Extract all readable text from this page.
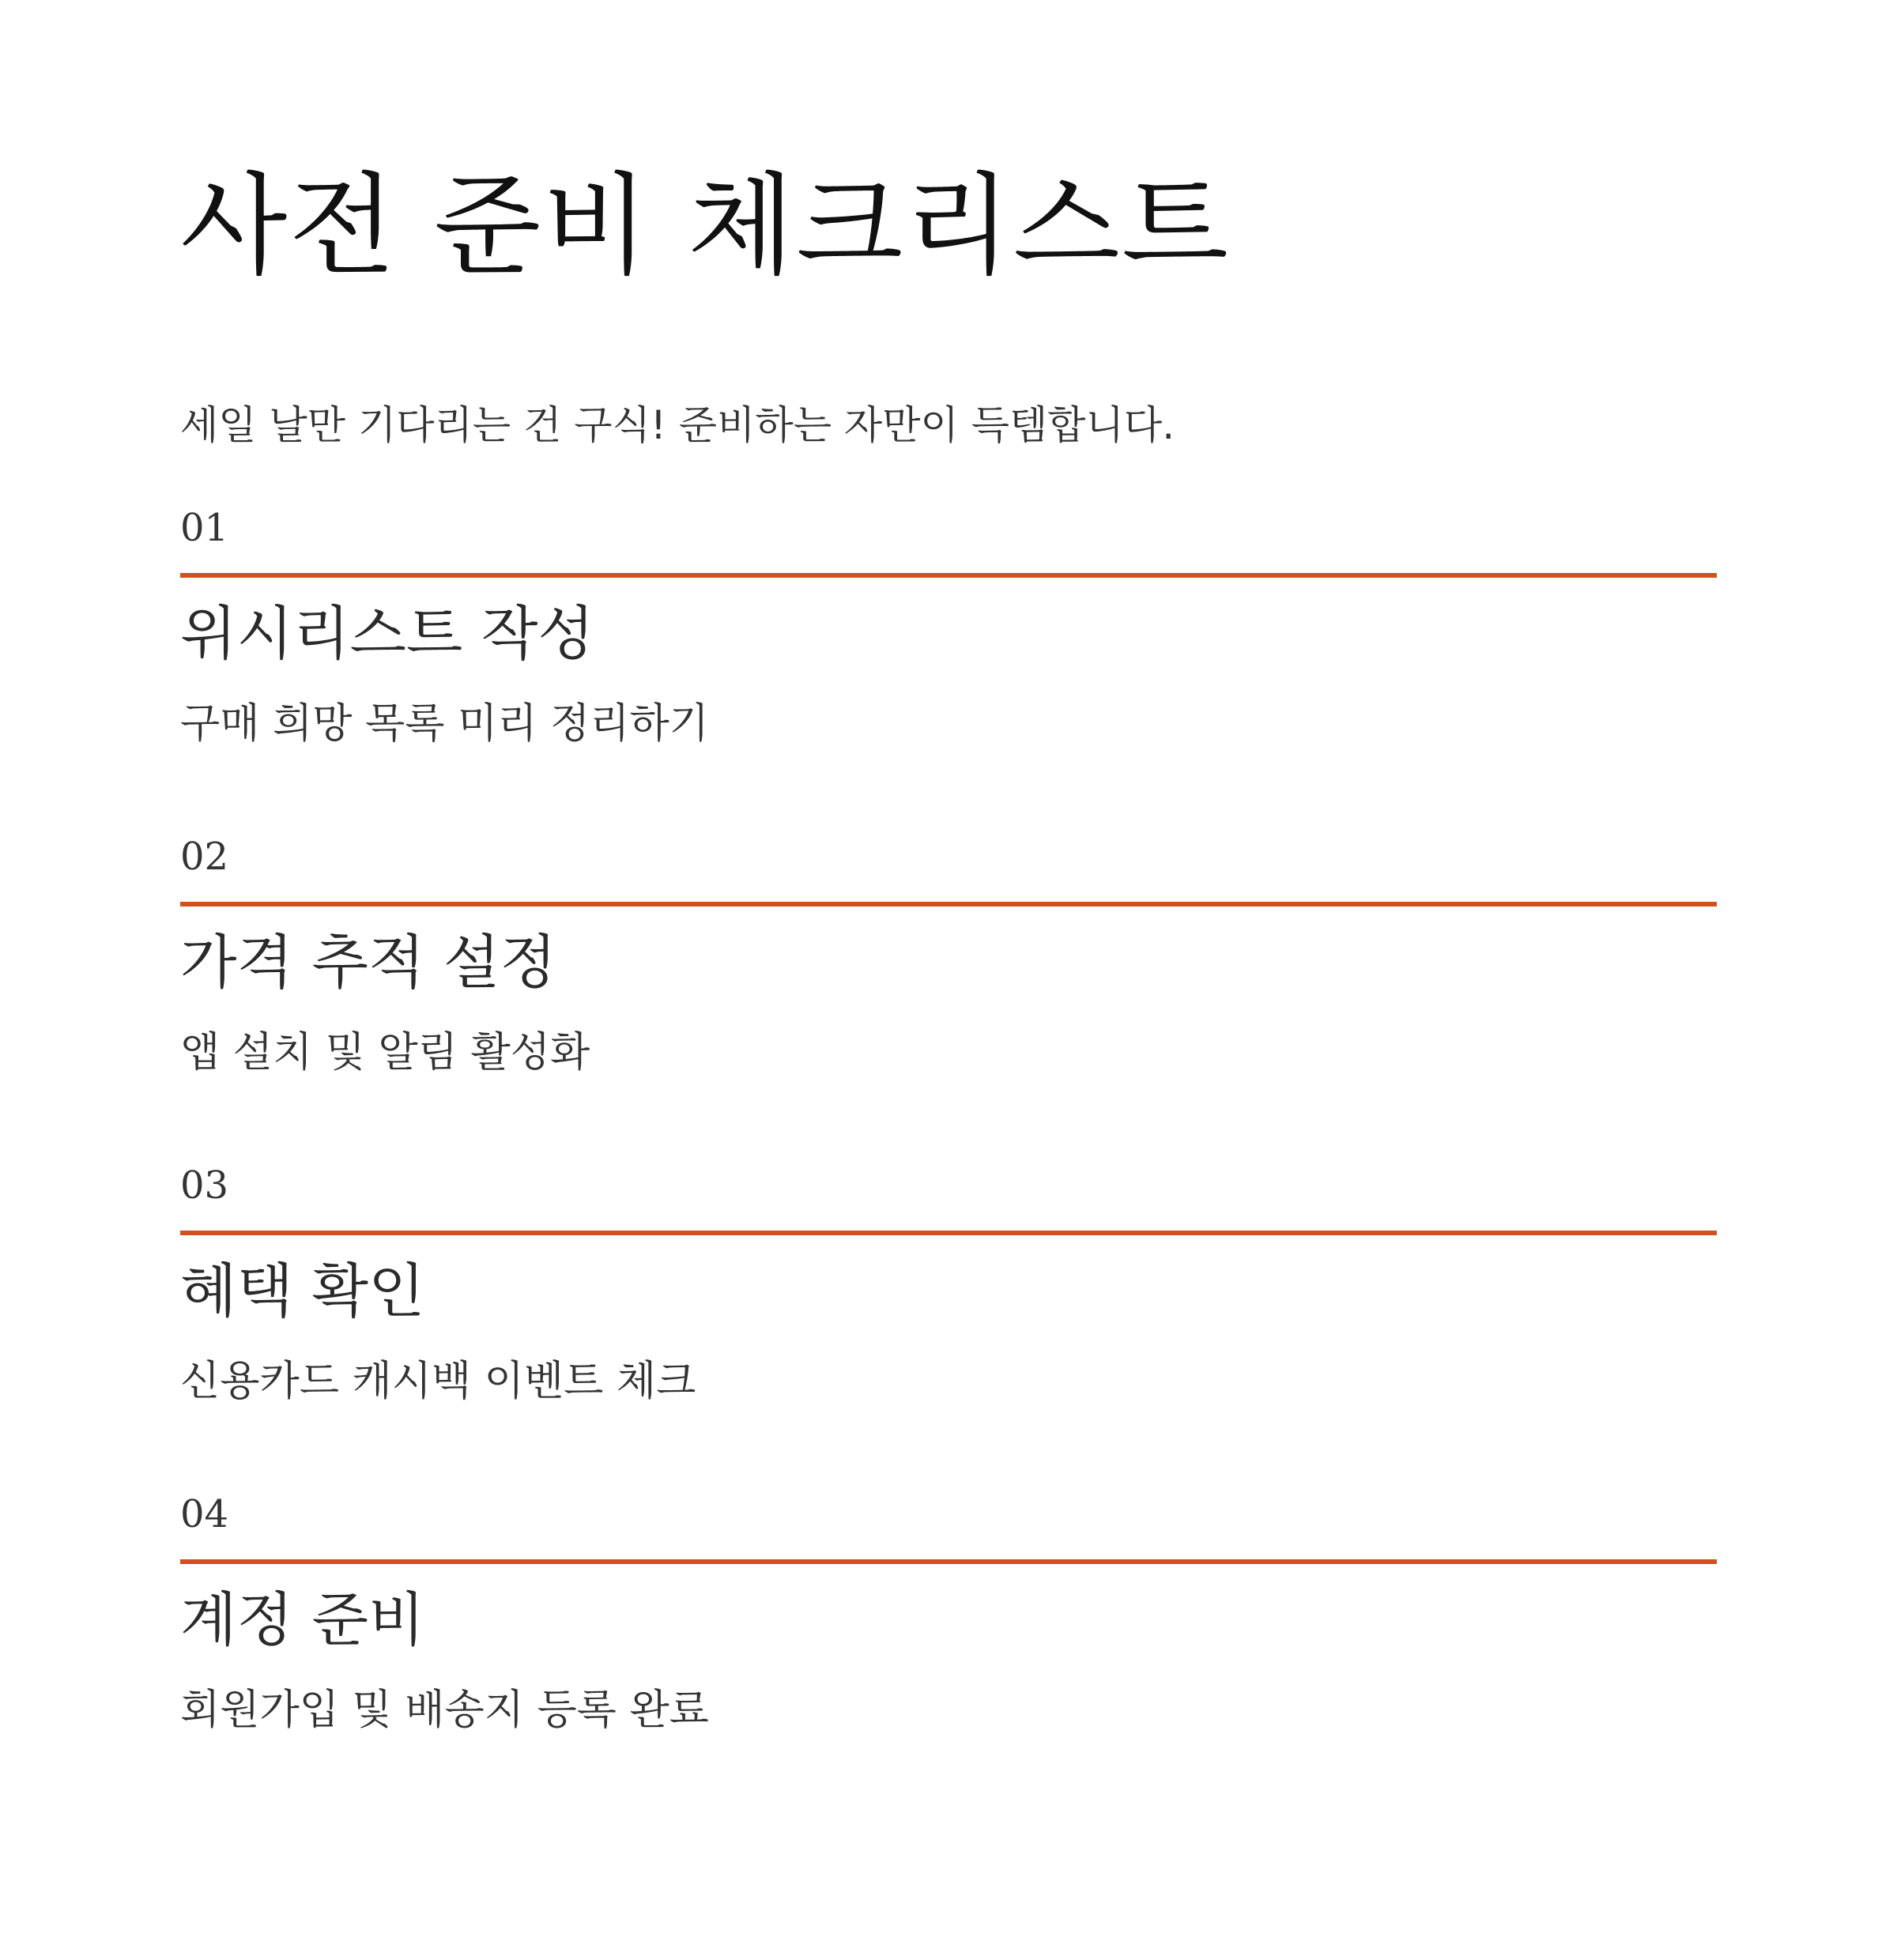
사전 준비 체크리스트

세일 날만 기다리는 건 구식! 준비하는 자만이 득템합니다.

01
위시리스트 작성

구매 희망 목록 미리 정리하기

02
가격 추적 설정

앱 설치 및 알림 활성화

03
혜택 확인

신용카드 캐시백 이벤트 체크

04
계정 준비

회원가입 및 배송지 등록 완료
